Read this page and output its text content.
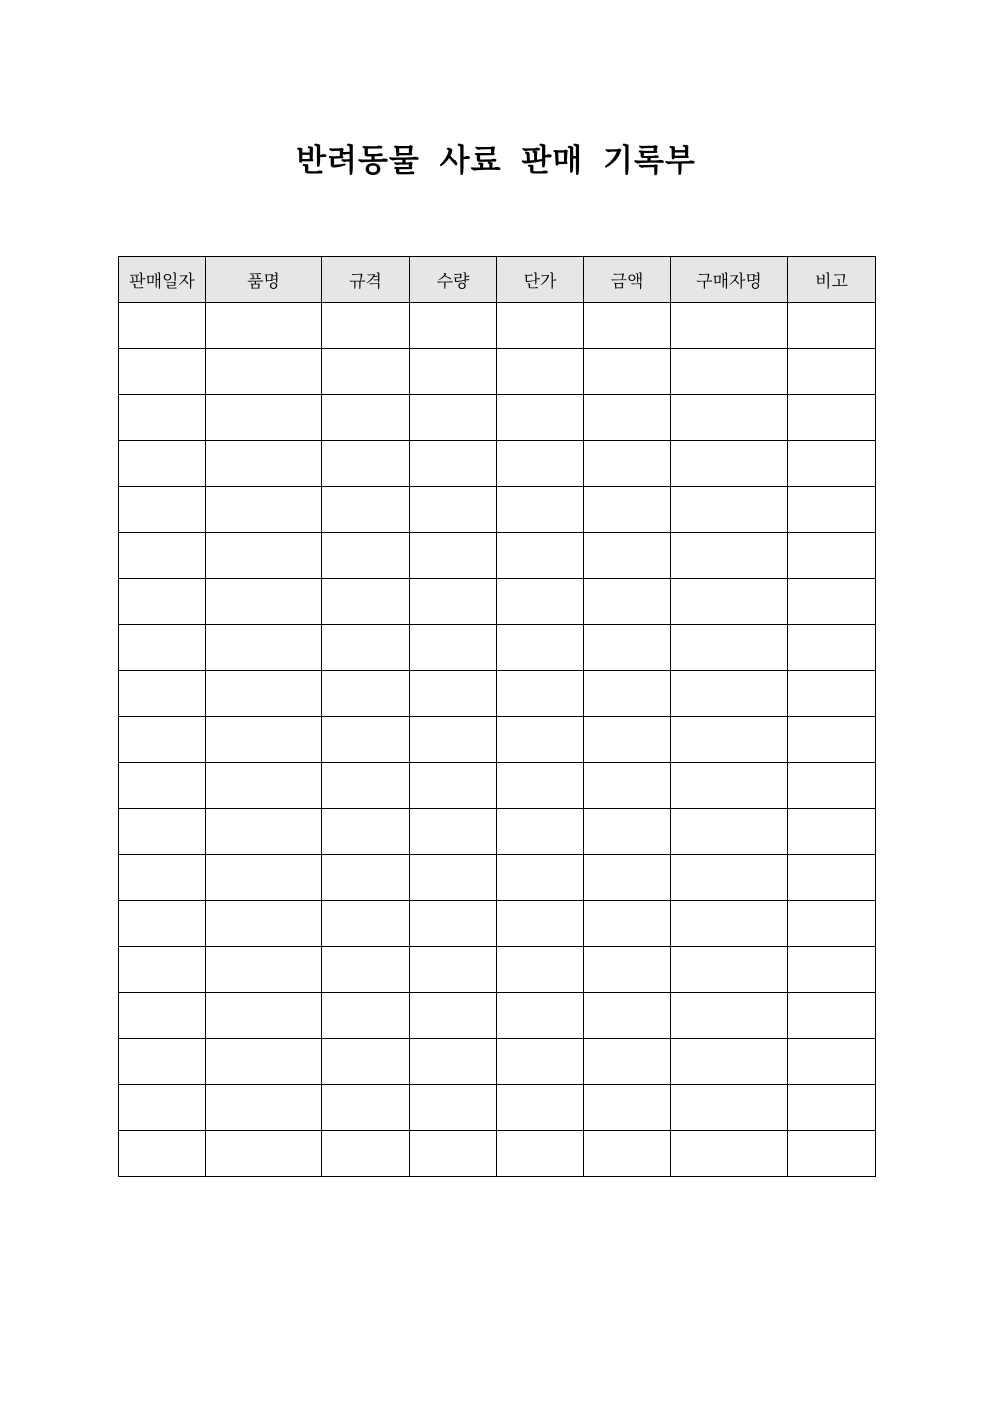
반려동물 사료 판매 기록부
판매일자	품명	규격	수량	단가	금액	구매자명	비고
